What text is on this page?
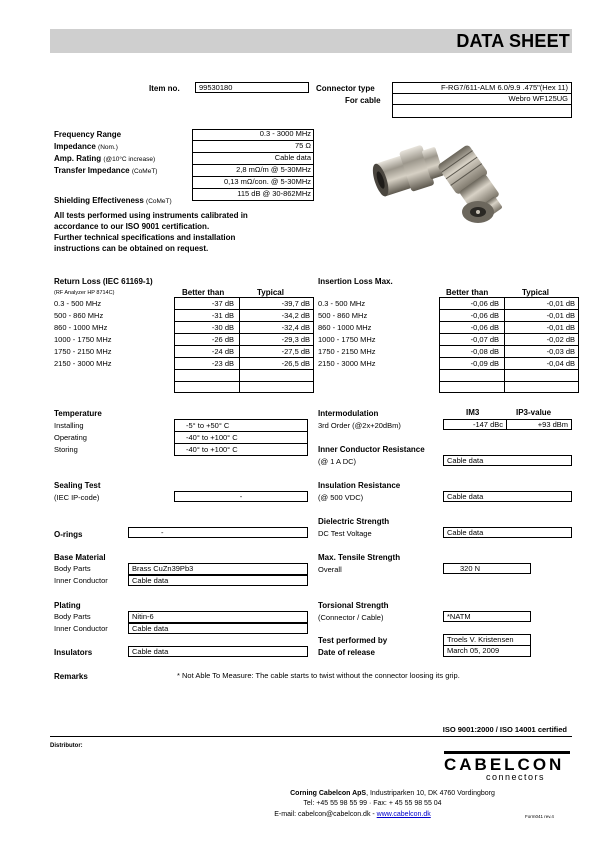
DATA SHEET
Item no.	99530180	Connector type
For cable
F-RG7/611-ALM 6.0/9.9 .475"(Hex 11)
Webro WF125UG
Frequency Range	0.3 - 3000 MHz
Impedance (Nom.)	75 Ω
Amp. Rating (@10°C increase)	Cable data
Transfer Impedance (CoMeT)	2,8 mΩ/m @ 5-30MHz
0,13 mΩ/con. @ 5-30MHz
Shielding Effectiveness (CoMeT)
115 dB @ 30-862MHz
All tests performed using instruments calibrated in
accordance to our ISO 9001 certification.
Further technical specifications and installation
instructions can be obtained on request.
Return Loss (IEC 61169-1)
(RF Analyzer HP 8714C)	Better than	Typical
0.3 - 500 MHz	-37 dB	-39,7 dB
500 - 860 MHz	-31 dB	-34,2 dB
860 - 1000 MHz	-30 dB	-32,4 dB
1000 - 1750 MHz	-26 dB	-29,3 dB
1750 - 2150 MHz	-24 dB	-27,5 dB
2150 - 3000 MHz	-23 dB	-26,5 dB
Insertion Loss Max.
Better than	Typical
0.3 - 500 MHz	-0,06 dB	-0,01 dB
500 - 860 MHz	-0,06 dB	-0,01 dB
860 - 1000 MHz	-0,06 dB	-0,01 dB
1000 - 1750 MHz	-0,07 dB	-0,02 dB
1750 - 2150 MHz	-0,08 dB	-0,03 dB
2150 - 3000 MHz	-0,09 dB	-0,04 dB
Temperature
Installing	-5° to +50° C
Operating	-40° to +100° C
Storing	-40° to +100° C
Intermodulation	IM3	IP3-value
3rd Order (@2x+20dBm)	-147 dBc	+93 dBm
Inner Conductor Resistance
(@ 1 A DC)	Cable data
Sealing Test
(IEC IP-code)	-
Insulation Resistance
(@ 500 VDC)	Cable data
Dielectric Strength
DC Test Voltage	Cable data
O-rings	-
Base Material
Body Parts	Brass CuZn39Pb3
Inner Conductor	Cable data
Max. Tensile Strength
Overall	320 N
Plating
Body Parts	Nitin-6
Inner Conductor	Cable data
Torsional Strength
(Connector / Cable)	*NATM
Test performed by
Date of release
Troels V. Kristensen
March 05, 2009
Insulators	Cable data
Remarks	* Not Able To Measure: The cable starts to twist without the connector loosing its grip.
ISO 9001:2000 / ISO 14001 certified
Distributor:
CABELCON
connectors
Corning Cabelcon ApS, Industriparken 10, DK 4760 Vordingborg
Tel: +45 55 98 55 99 · Fax: + 45 55 98 55 04
E-mail: cabelcon@cabelcon.dk - www.cabelcon.dk	Form041 rev.4
